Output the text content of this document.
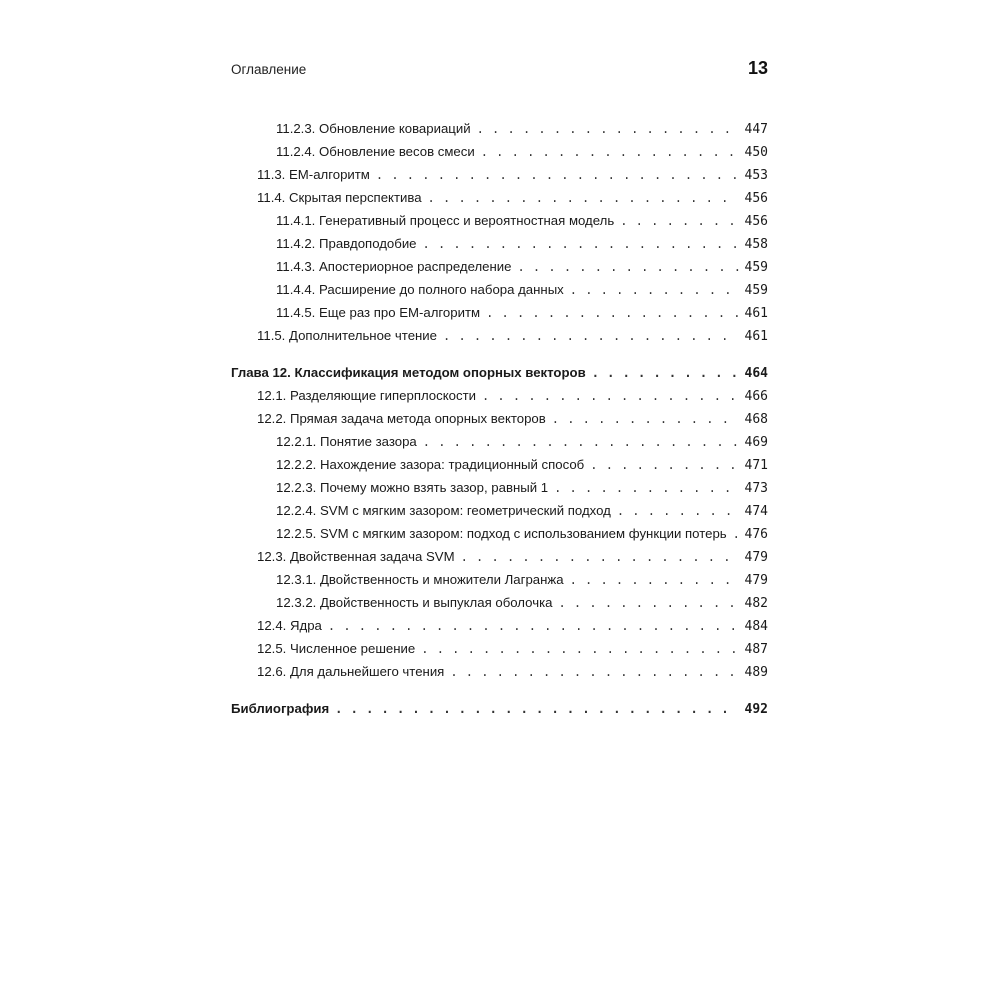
Оглавление	13
11.2.3. Обновление ковариаций . . .	447
11.2.4. Обновление весов смеси . . .	450
11.3. EM-алгоритм . . .	453
11.4. Скрытая перспектива . . .	456
11.4.1. Генеративный процесс и вероятностная модель . . .	456
11.4.2. Правдоподобие . . .	458
11.4.3. Апостериорное распределение . . .	459
11.4.4. Расширение до полного набора данных . . .	459
11.4.5. Еще раз про EM-алгоритм . . .	461
11.5. Дополнительное чтение . . .	461
Глава 12. Классификация методом опорных векторов . . .	464
12.1. Разделяющие гиперплоскости . . .	466
12.2. Прямая задача метода опорных векторов . . .	468
12.2.1. Понятие зазора . . .	469
12.2.2. Нахождение зазора: традиционный способ . . .	471
12.2.3. Почему можно взять зазор, равный 1 . . .	473
12.2.4. SVM с мягким зазором: геометрический подход . . .	474
12.2.5. SVM с мягким зазором: подход с использованием функции потерь . . .	476
12.3. Двойственная задача SVM . . .	479
12.3.1. Двойственность и множители Лагранжа . . .	479
12.3.2. Двойственность и выпуклая оболочка . . .	482
12.4. Ядра . . .	484
12.5. Численное решение . . .	487
12.6. Для дальнейшего чтения . . .	489
Библиография . . .	492
